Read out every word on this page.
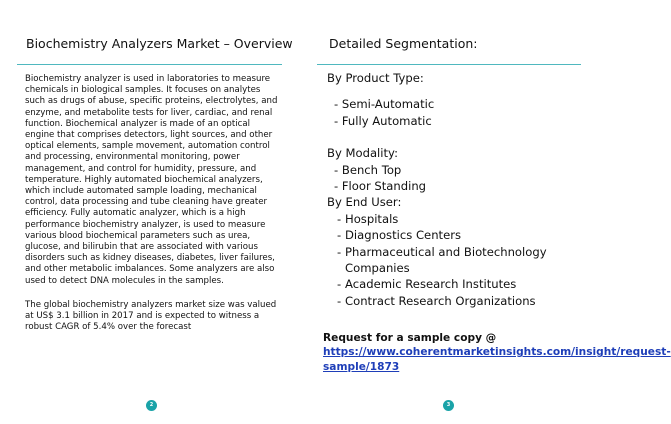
Biochemistry Analyzers Market – Overview

Biochemistry analyzer is used in laboratories to measure chemicals in biological samples. It focuses on analytes such as drugs of abuse, specific proteins, electrolytes, and enzyme, and metabolite tests for liver, cardiac, and renal function. Biochemical analyzer is made of an optical engine that comprises detectors, light sources, and other optical elements, sample movement, automation control and processing, environmental monitoring, power management, and control for humidity, pressure, and temperature. Highly automated biochemical analyzers, which include automated sample loading, mechanical control, data processing and tube cleaning have greater efficiency. Fully automatic analyzer, which is a high performance biochemistry analyzer, is used to measure various blood biochemical parameters such as urea, glucose, and bilirubin that are associated with various disorders such as kidney diseases, diabetes, liver failures, and other metabolic imbalances. Some analyzers are also used to detect DNA molecules in the samples.

The global biochemistry analyzers market size was valued at US$ 3.1 billion in 2017 and is expected to witness a robust CAGR of 5.4% over the forecast

2
Detailed Segmentation:
By Product Type:
- Semi-Automatic
- Fully Automatic
By Modality:
- Bench Top
- Floor Standing
By End User:
- Hospitals
- Diagnostics Centers
- Pharmaceutical and Biotechnology Companies
- Academic Research Institutes
- Contract Research Organizations
Request for a sample copy @ https://www.coherentmarketinsights.com/insight/request-sample/1873
3
